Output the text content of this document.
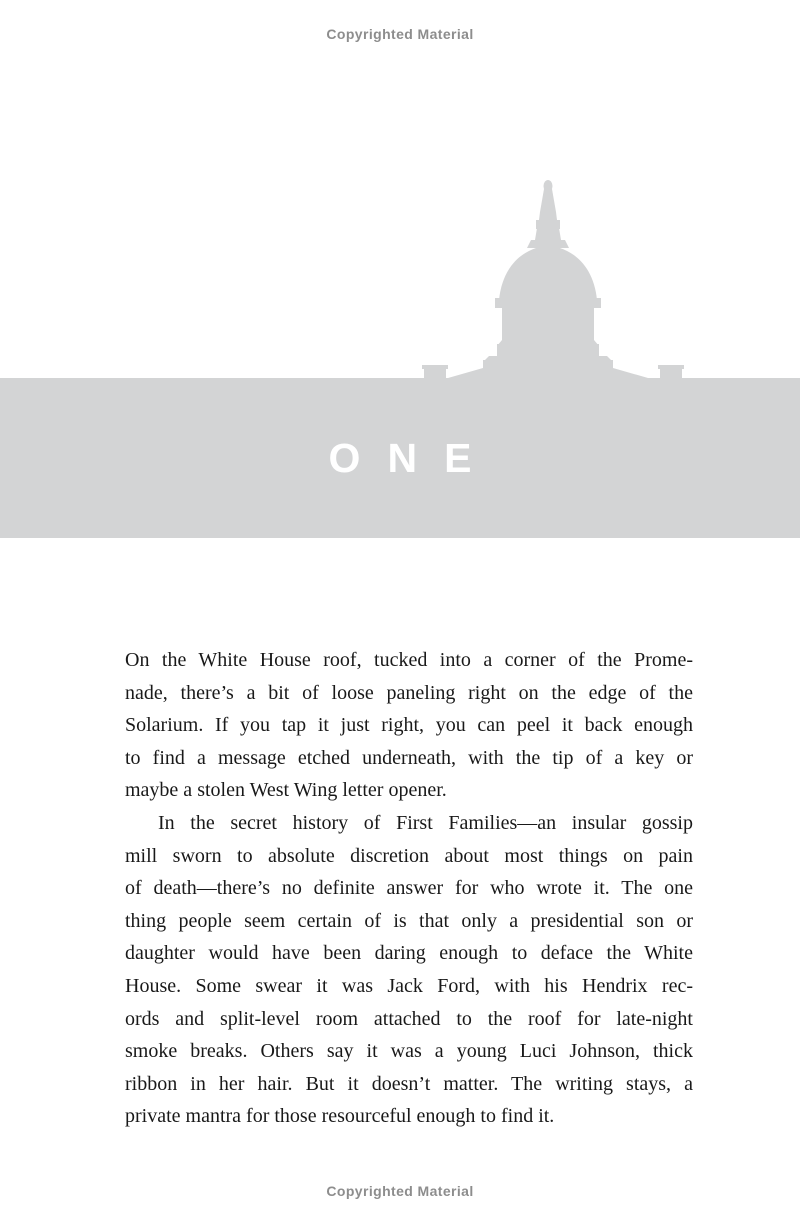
Copyrighted Material
ONE
On the White House roof, tucked into a corner of the Prome-
nade, there’s a bit of loose paneling right on the edge of the
Solarium. If you tap it just right, you can peel it back enough
to find a message etched underneath, with the tip of a key or
maybe a stolen West Wing letter opener.
In the secret history of First Families—an insular gossip
mill sworn to absolute discretion about most things on pain
of death—there’s no definite answer for who wrote it. The one
thing people seem certain of is that only a presidential son or
daughter would have been daring enough to deface the White
House. Some swear it was Jack Ford, with his Hendrix rec-
ords and split-level room attached to the roof for late-night
smoke breaks. Others say it was a young Luci Johnson, thick
ribbon in her hair. But it doesn’t matter. The writing stays, a
private mantra for those resourceful enough to find it.
Copyrighted Material
